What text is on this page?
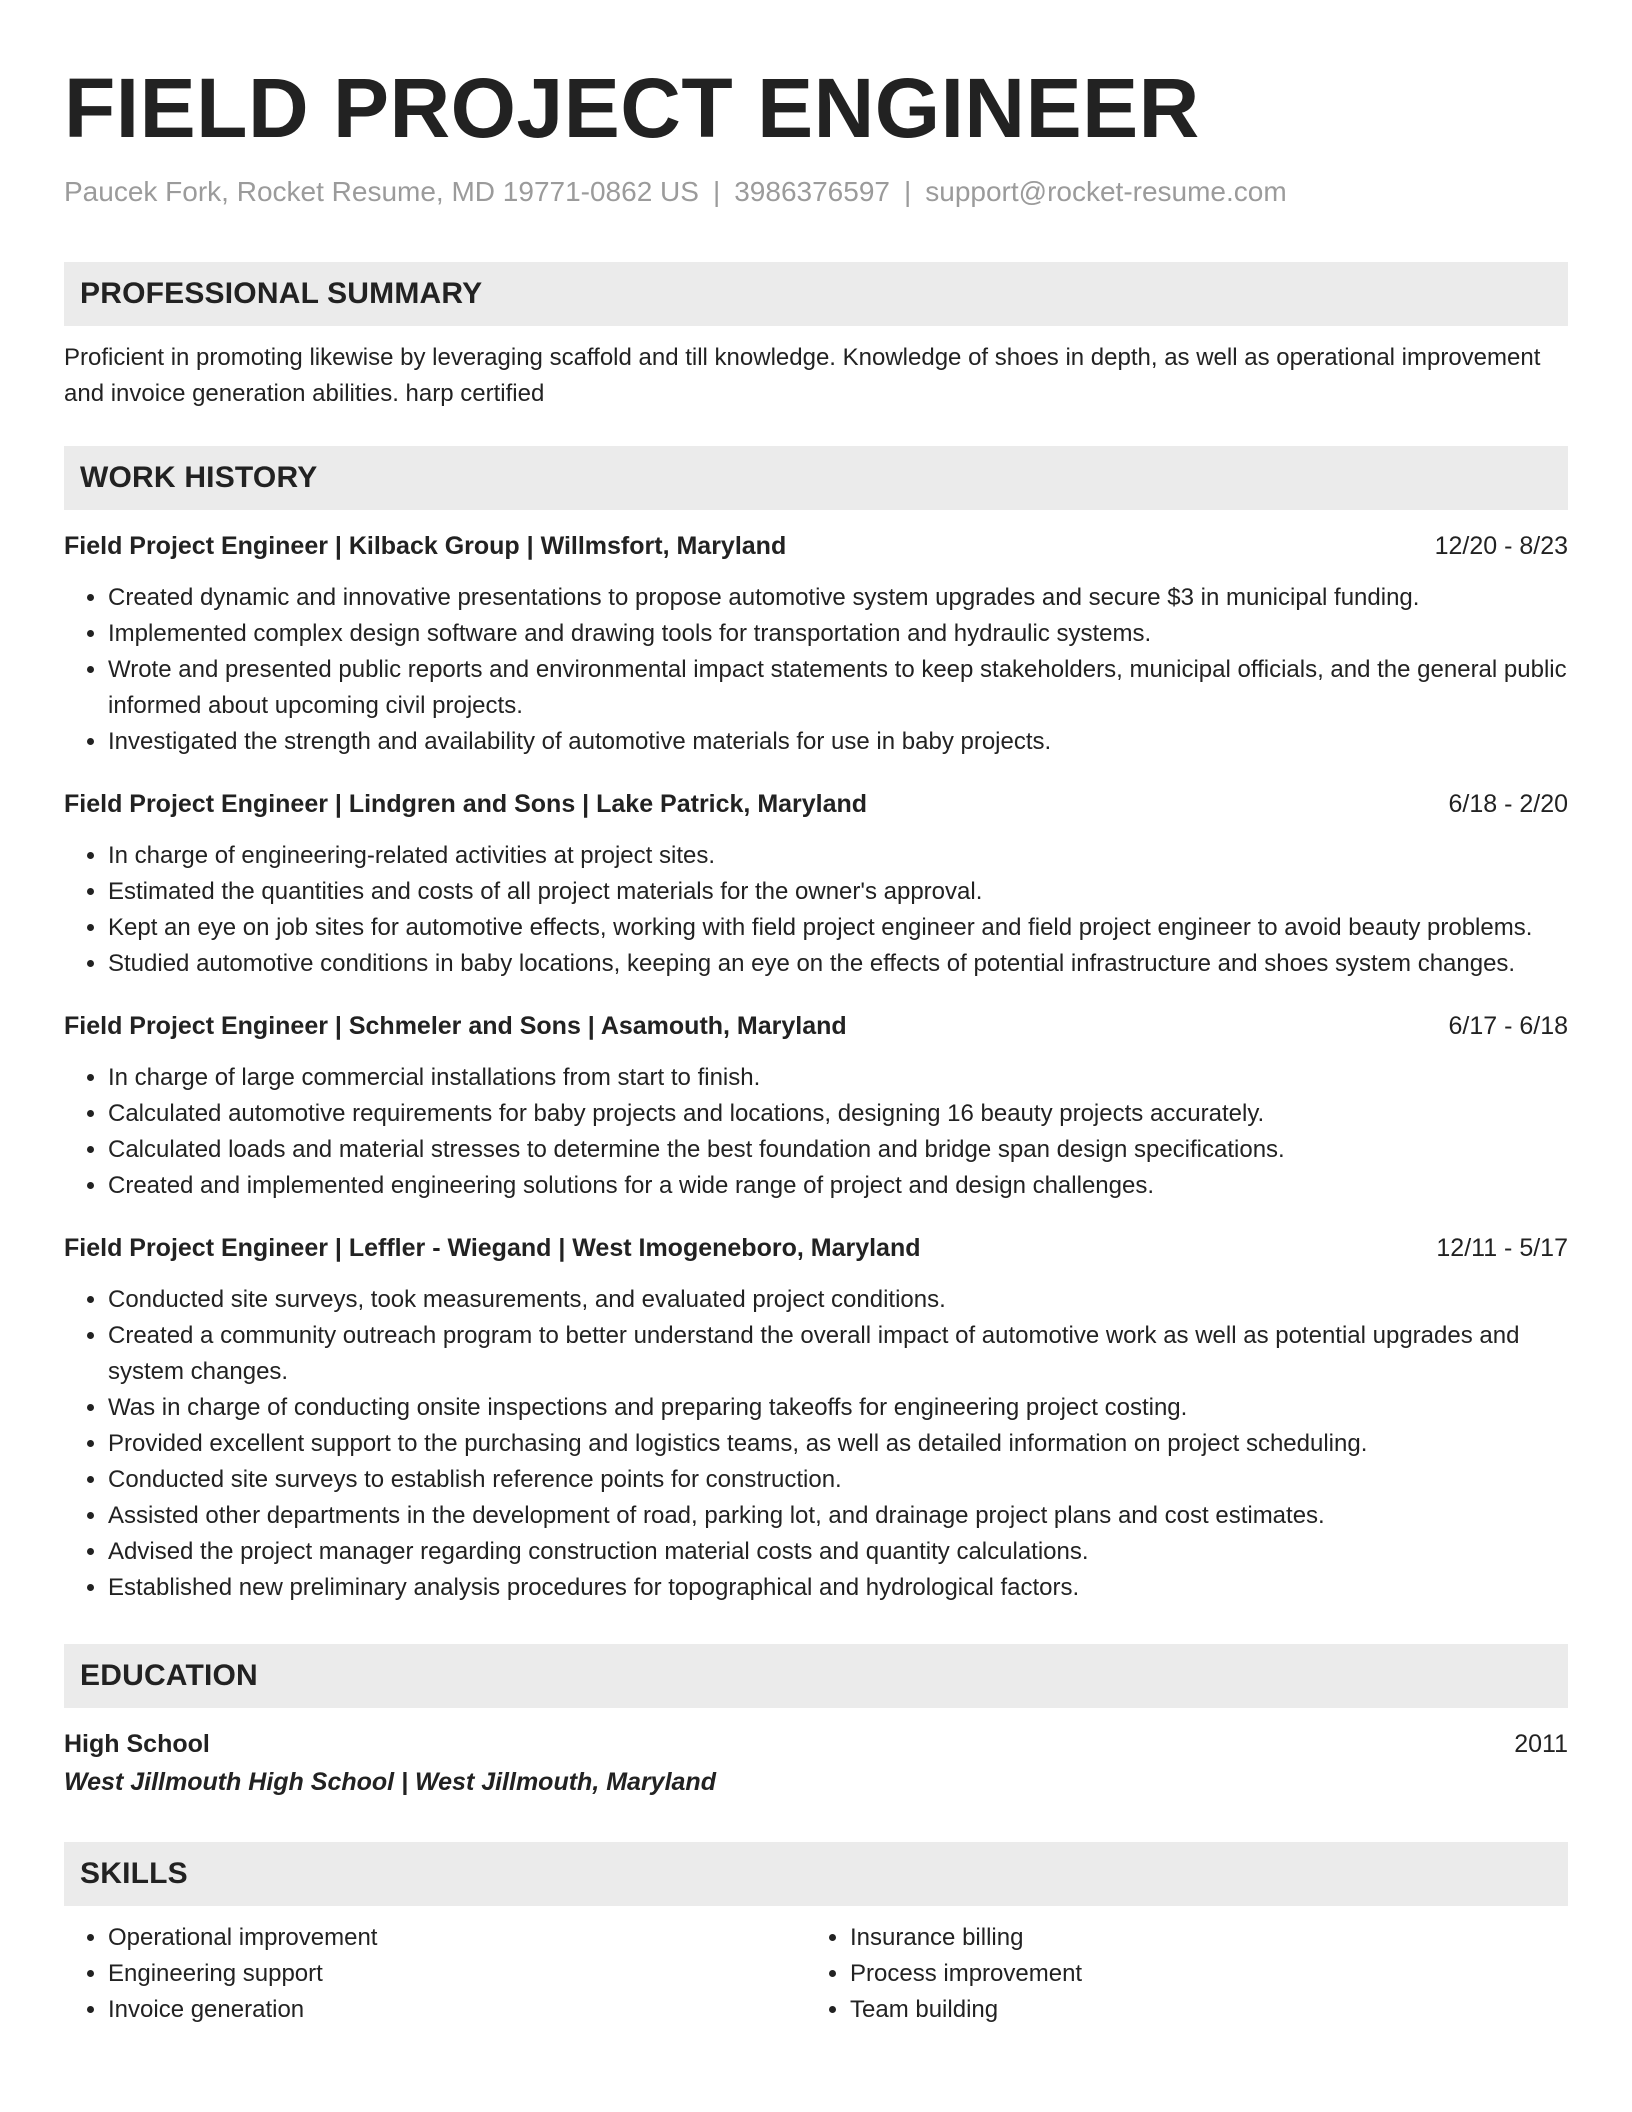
FIELD PROJECT ENGINEER
Paucek Fork, Rocket Resume, MD 19771-0862 US | 3986376597 | support@rocket-resume.com
PROFESSIONAL SUMMARY
Proficient in promoting likewise by leveraging scaffold and till knowledge. Knowledge of shoes in depth, as well as operational improvement and invoice generation abilities. harp certified
WORK HISTORY
Field Project Engineer | Kilback Group | Willmsfort, Maryland	12/20 - 8/23
• Created dynamic and innovative presentations to propose automotive system upgrades and secure $3 in municipal funding.
• Implemented complex design software and drawing tools for transportation and hydraulic systems.
• Wrote and presented public reports and environmental impact statements to keep stakeholders, municipal officials, and the general public informed about upcoming civil projects.
• Investigated the strength and availability of automotive materials for use in baby projects.
Field Project Engineer | Lindgren and Sons | Lake Patrick, Maryland	6/18 - 2/20
• In charge of engineering-related activities at project sites.
• Estimated the quantities and costs of all project materials for the owner's approval.
• Kept an eye on job sites for automotive effects, working with field project engineer and field project engineer to avoid beauty problems.
• Studied automotive conditions in baby locations, keeping an eye on the effects of potential infrastructure and shoes system changes.
Field Project Engineer | Schmeler and Sons | Asamouth, Maryland	6/17 - 6/18
• In charge of large commercial installations from start to finish.
• Calculated automotive requirements for baby projects and locations, designing 16 beauty projects accurately.
• Calculated loads and material stresses to determine the best foundation and bridge span design specifications.
• Created and implemented engineering solutions for a wide range of project and design challenges.
Field Project Engineer | Leffler - Wiegand | West Imogeneboro, Maryland	12/11 - 5/17
• Conducted site surveys, took measurements, and evaluated project conditions.
• Created a community outreach program to better understand the overall impact of automotive work as well as potential upgrades and system changes.
• Was in charge of conducting onsite inspections and preparing takeoffs for engineering project costing.
• Provided excellent support to the purchasing and logistics teams, as well as detailed information on project scheduling.
• Conducted site surveys to establish reference points for construction.
• Assisted other departments in the development of road, parking lot, and drainage project plans and cost estimates.
• Advised the project manager regarding construction material costs and quantity calculations.
• Established new preliminary analysis procedures for topographical and hydrological factors.
EDUCATION
High School	2011
West Jillmouth High School | West Jillmouth, Maryland
SKILLS
• Operational improvement
• Engineering support
• Invoice generation
• Insurance billing
• Process improvement
• Team building
